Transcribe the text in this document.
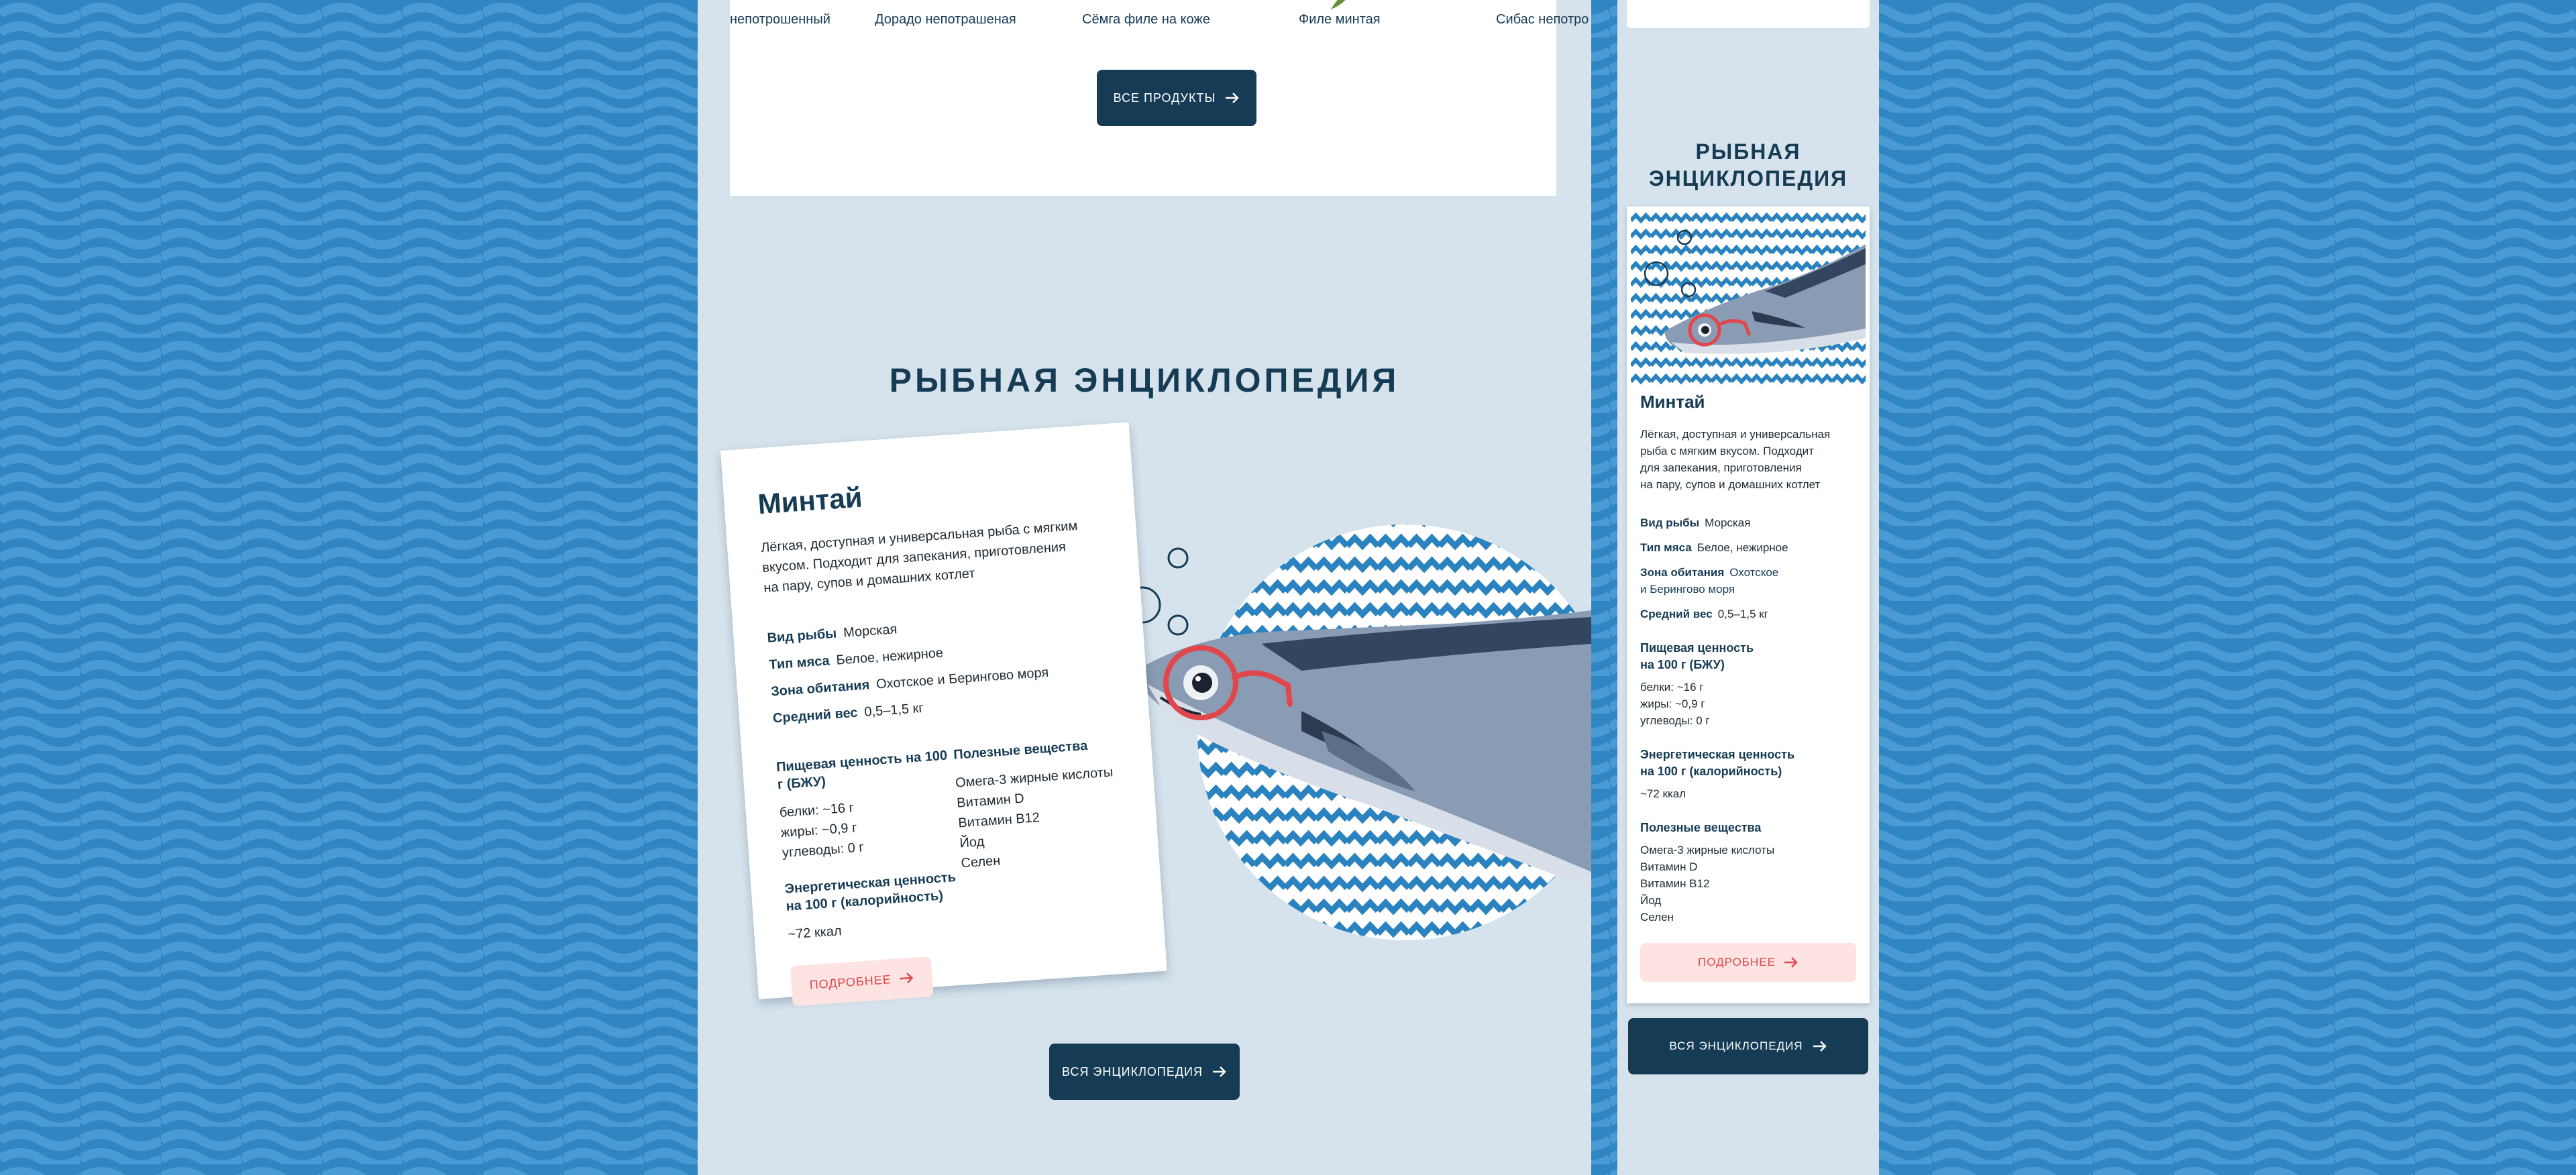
непотрошенный	Дорадо непотрашеная	Сёмга филе на коже	Филе минтая	Сибас непотро
ВСЕ ПРОДУКТЫ
РЫБНАЯ ЭНЦИКЛОПЕДИЯ
Минтай
Лёгкая, доступная и универсальная рыба с мягким вкусом. Подходит для запекания, приготовления на пару, супов и домашних котлет
Вид рыбы Морская
Тип мяса Белое, нежирное
Зона обитания Охотское и Берингово моря
Средний вес 0,5–1,5 кг
Пищевая ценность на 100 г (БЖУ)
белки: ~16 г
жиры: ~0,9 г
углеводы: 0 г
Энергетическая ценность на 100 г (калорийность)
~72 ккал
ПОДРОБНЕЕ
Полезные вещества
Омега-3 жирные кислоты
Витамин D
Витамин B12
Йод
Селен
ВСЯ ЭНЦИКЛОПЕДИЯ
РЫБНАЯ
ЭНЦИКЛОПЕДИЯ
Минтай
Лёгкая, доступная и универсальная
рыба с мягким вкусом. Подходит
для запекания, приготовления
на пару, супов и домашних котлет
Вид рыбы Морская
Тип мяса Белое, нежирное
Зона обитания Охотское
и Берингово моря
Средний вес 0,5–1,5 кг
Пищевая ценность
на 100 г (БЖУ)
белки: ~16 г
жиры: ~0,9 г
углеводы: 0 г
Энергетическая ценность
на 100 г (калорийность)
~72 ккал
Полезные вещества
Омега-3 жирные кислоты
Витамин D
Витамин B12
Йод
Селен
ПОДРОБНЕЕ
ВСЯ ЭНЦИКЛОПЕДИЯ
